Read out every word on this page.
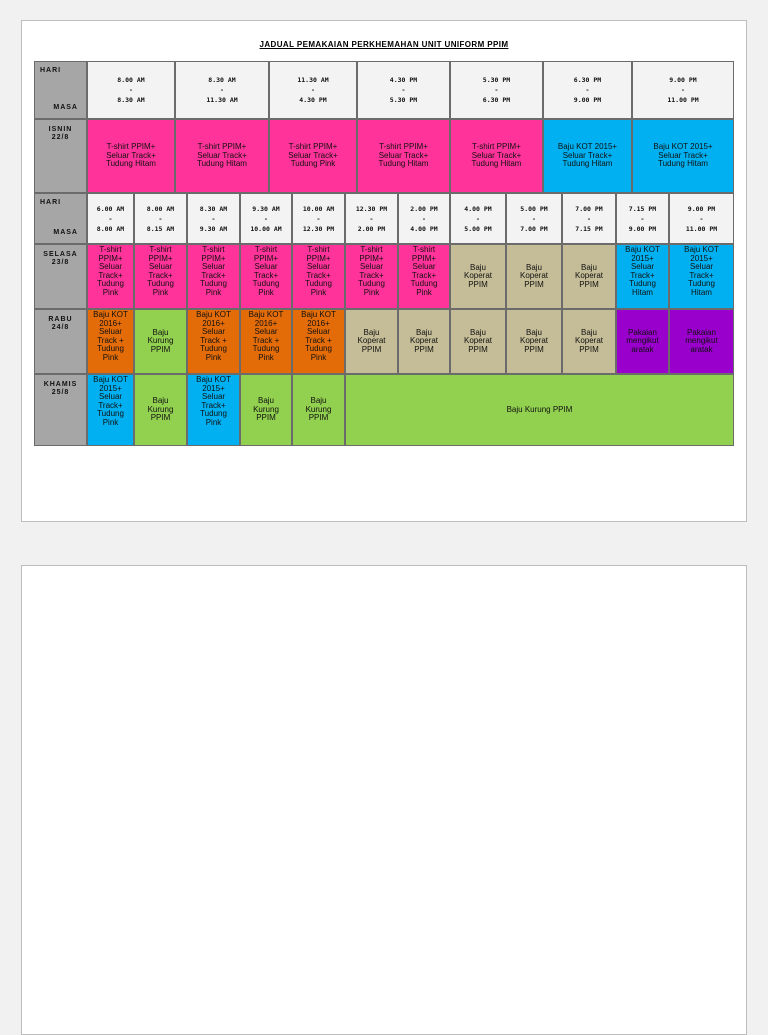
JADUAL PEMAKAIAN PERKHEMAHAN UNIT UNIFORM PPIM
HARI
MASA
8.00 AM
-
8.30 AM
8.30 AM
-
11.30 AM
11.30 AM
-
4.30 PM
4.30 PM
-
5.30 PM
5.30 PM
-
6.30 PM
6.30 PM
-
9.00 PM
9.00 PM
-
11.00 PM
ISNIN
22/8
T-shirt PPIM+
Seluar Track+
Tudung Hitam
T-shirt PPIM+
Seluar Track+
Tudung Hitam
T-shirt PPIM+
Seluar Track+
Tudung Pink
T-shirt PPIM+
Seluar Track+
Tudung Hitam
T-shirt PPIM+
Seluar Track+
Tudung Hitam
Baju KOT 2015+
Seluar Track+
Tudung Hitam
Baju KOT 2015+
Seluar Track+
Tudung Hitam
HARI
MASA
6.00 AM
-
8.00 AM
8.00 AM
-
8.15 AM
8.30 AM
-
9.30 AM
9.30 AM
-
10.00 AM
10.00 AM
-
12.30 PM
12.30 PM
-
2.00 PM
2.00 PM
-
4.00 PM
4.00 PM
-
5.00 PM
5.00 PM
-
7.00 PM
7.00 PM
-
7.15 PM
7.15 PM
-
9.00 PM
9.00 PM
-
11.00 PM
SELASA
23/8
T-shirt
PPIM+
Seluar
Track+
Tudung
Pink
T-shirt
PPIM+
Seluar
Track+
Tudung
Pink
T-shirt
PPIM+
Seluar
Track+
Tudung
Pink
T-shirt
PPIM+
Seluar
Track+
Tudung
Pink
T-shirt
PPIM+
Seluar
Track+
Tudung
Pink
T-shirt
PPIM+
Seluar
Track+
Tudung
Pink
T-shirt
PPIM+
Seluar
Track+
Tudung
Pink
Baju
Koperat
PPIM
Baju
Koperat
PPIM
Baju
Koperat
PPIM
Baju KOT
2015+
Seluar
Track+
Tudung
Hitam
Baju KOT
2015+
Seluar
Track+
Tudung
Hitam
RABU
24/8
Baju KOT
2016+
Seluar
Track +
Tudung
Pink
Baju
Kurung
PPIM
Baju KOT
2016+
Seluar
Track +
Tudung
Pink
Baju KOT
2016+
Seluar
Track +
Tudung
Pink
Baju KOT
2016+
Seluar
Track +
Tudung
Pink
Baju
Koperat
PPIM
Baju
Koperat
PPIM
Baju
Koperat
PPIM
Baju
Koperat
PPIM
Baju
Koperat
PPIM
Pakaian
mengikut
aratak
Pakaian
mengikut
aratak
KHAMIS
25/8
Baju KOT
2015+
Seluar
Track+
Tudung
Pink
Baju
Kurung
PPIM
Baju KOT
2015+
Seluar
Track+
Tudung
Pink
Baju
Kurung
PPIM
Baju
Kurung
PPIM
Baju Kurung PPIM
